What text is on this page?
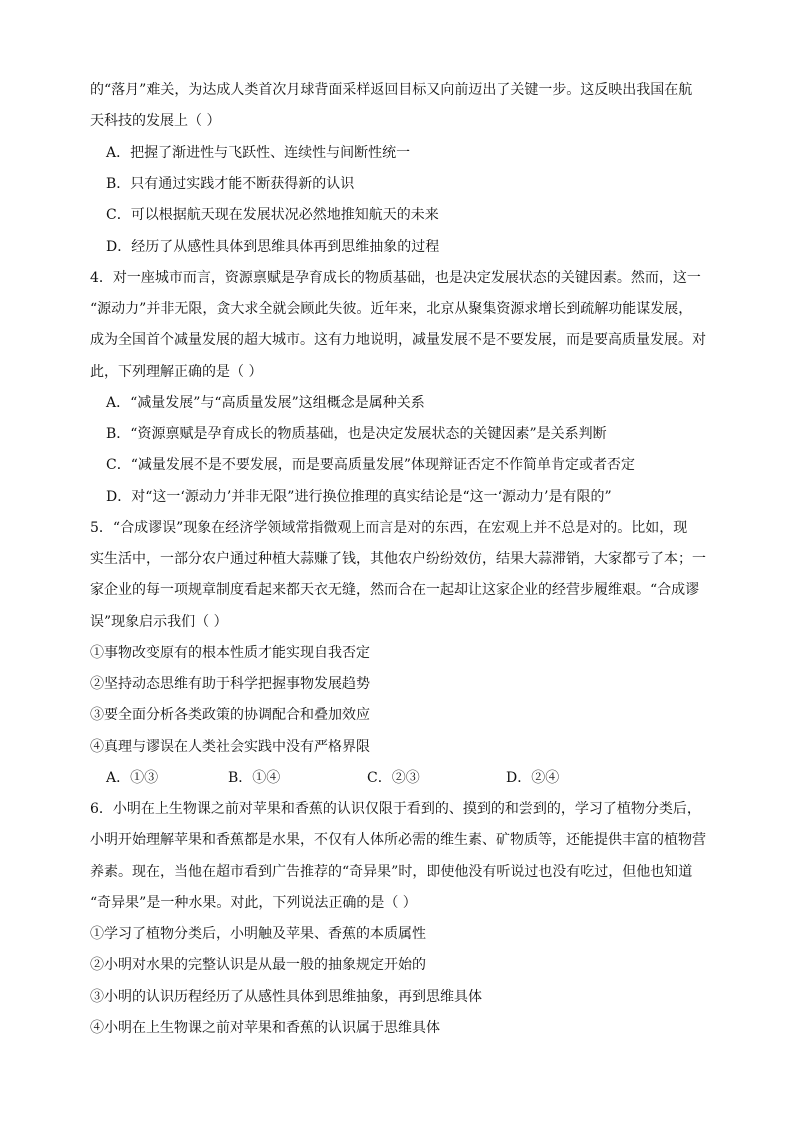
的“落月”难关，为达成人类首次月球背面采样返回目标又向前迈出了关键一步。这反映出我国在航
天科技的发展上（ ）
A．把握了渐进性与飞跃性、连续性与间断性统一
B．只有通过实践才能不断获得新的认识
C．可以根据航天现在发展状况必然地推知航天的未来
D．经历了从感性具体到思维具体再到思维抽象的过程
4．对一座城市而言，资源禀赋是孕育成长的物质基础，也是决定发展状态的关键因素。然而，这一
“源动力”并非无限，贪大求全就会顾此失彼。近年来，北京从聚集资源求增长到疏解功能谋发展，
成为全国首个减量发展的超大城市。这有力地说明，减量发展不是不要发展，而是要高质量发展。对
此，下列理解正确的是（ ）
A．“减量发展”与“高质量发展”这组概念是属种关系
B．“资源禀赋是孕育成长的物质基础，也是决定发展状态的关键因素”是关系判断
C．“减量发展不是不要发展，而是要高质量发展”体现辩证否定不作简单肯定或者否定
D．对“这一‘源动力’并非无限”进行换位推理的真实结论是“这一‘源动力’是有限的”
5．“合成谬误”现象在经济学领域常指微观上而言是对的东西，在宏观上并不总是对的。比如，现
实生活中，一部分农户通过种植大蒜赚了钱，其他农户纷纷效仿，结果大蒜滞销，大家都亏了本；一
家企业的每一项规章制度看起来都天衣无缝，然而合在一起却让这家企业的经营步履维艰。“合成谬
误”现象启示我们（ ）
①事物改变原有的根本性质才能实现自我否定
②坚持动态思维有助于科学把握事物发展趋势
③要全面分析各类政策的协调配合和叠加效应
④真理与谬误在人类社会实践中没有严格界限
A．①③	B．①④	C．②③	D．②④
6．小明在上生物课之前对苹果和香蕉的认识仅限于看到的、摸到的和尝到的，学习了植物分类后，
小明开始理解苹果和香蕉都是水果，不仅有人体所必需的维生素、矿物质等，还能提供丰富的植物营
养素。现在，当他在超市看到广告推荐的“奇异果”时，即使他没有听说过也没有吃过，但他也知道
“奇异果”是一种水果。对此，下列说法正确的是（ ）
①学习了植物分类后，小明触及苹果、香蕉的本质属性
②小明对水果的完整认识是从最一般的抽象规定开始的
③小明的认识历程经历了从感性具体到思维抽象，再到思维具体
④小明在上生物课之前对苹果和香蕉的认识属于思维具体
